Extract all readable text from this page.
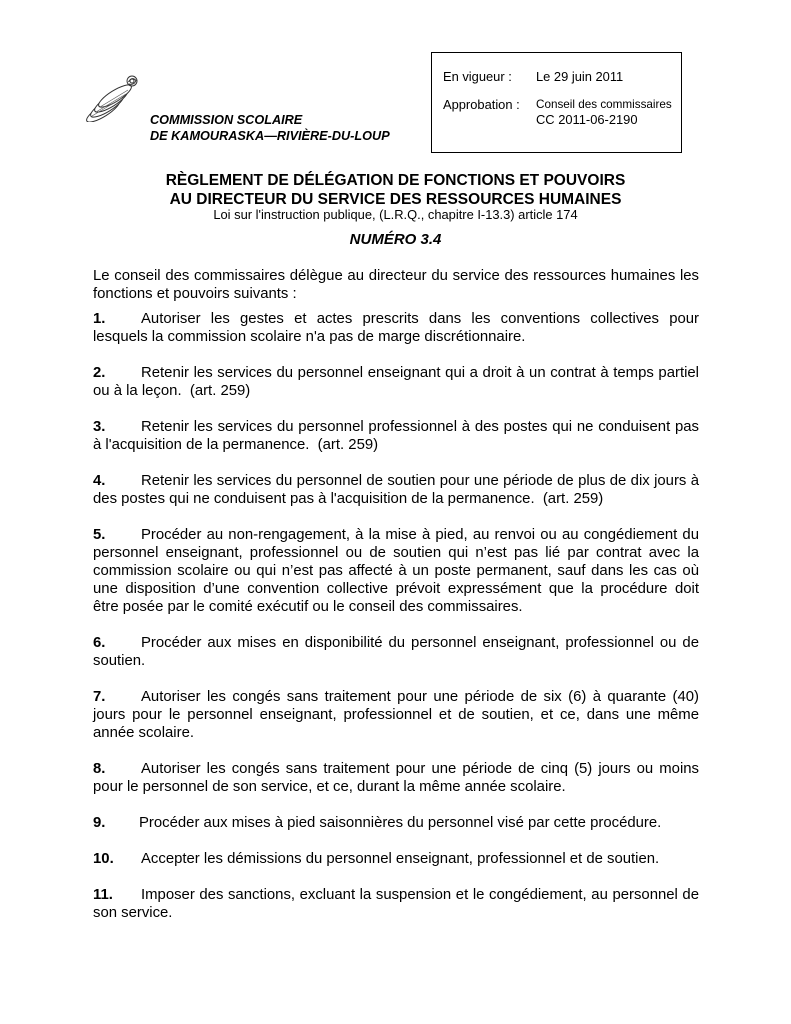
COMMISSION SCOLAIRE
DE KAMOURASKA—RIVIÈRE-DU-LOUP
En vigueur : Le 29 juin 2011
Approbation : Conseil des commissaires
CC 2011-06-2190
RÈGLEMENT DE DÉLÉGATION DE FONCTIONS ET POUVOIRS
AU DIRECTEUR DU SERVICE DES RESSOURCES HUMAINES
Loi sur l'instruction publique, (L.R.Q., chapitre I-13.3) article 174
NUMÉRO 3.4
Le conseil des commissaires délègue au directeur du service des ressources humaines les
fonctions et pouvoirs suivants :
1. Autoriser les gestes et actes prescrits dans les conventions collectives pour
lesquels la commission scolaire n'a pas de marge discrétionnaire.
2. Retenir les services du personnel enseignant qui a droit à un contrat à temps partiel
ou à la leçon.  (art. 259)
3. Retenir les services du personnel professionnel à des postes qui ne conduisent pas
à l'acquisition de la permanence.  (art. 259)
4. Retenir les services du personnel de soutien pour une période de plus de dix jours à
des postes qui ne conduisent pas à l'acquisition de la permanence.  (art. 259)
5. Procéder au non-rengagement, à la mise à pied, au renvoi ou au congédiement du
personnel enseignant, professionnel ou de soutien qui n’est pas lié par contrat avec la
commission scolaire ou qui n’est pas affecté à un poste permanent, sauf dans les cas où
une disposition d’une convention collective prévoit expressément que la procédure doit
être posée par le comité exécutif ou le conseil des commissaires.
6. Procéder aux mises en disponibilité du personnel enseignant, professionnel ou de
soutien.
7. Autoriser les congés sans traitement pour une période de six (6) à quarante (40)
jours pour le personnel enseignant, professionnel et de soutien, et ce, dans une même
année scolaire.
8. Autoriser les congés sans traitement pour une période de cinq (5) jours ou moins
pour le personnel de son service, et ce, durant la même année scolaire.
9. Procéder aux mises à pied saisonnières du personnel visé par cette procédure.
10. Accepter les démissions du personnel enseignant, professionnel et de soutien.
11. Imposer des sanctions, excluant la suspension et le congédiement, au personnel de
son service.
